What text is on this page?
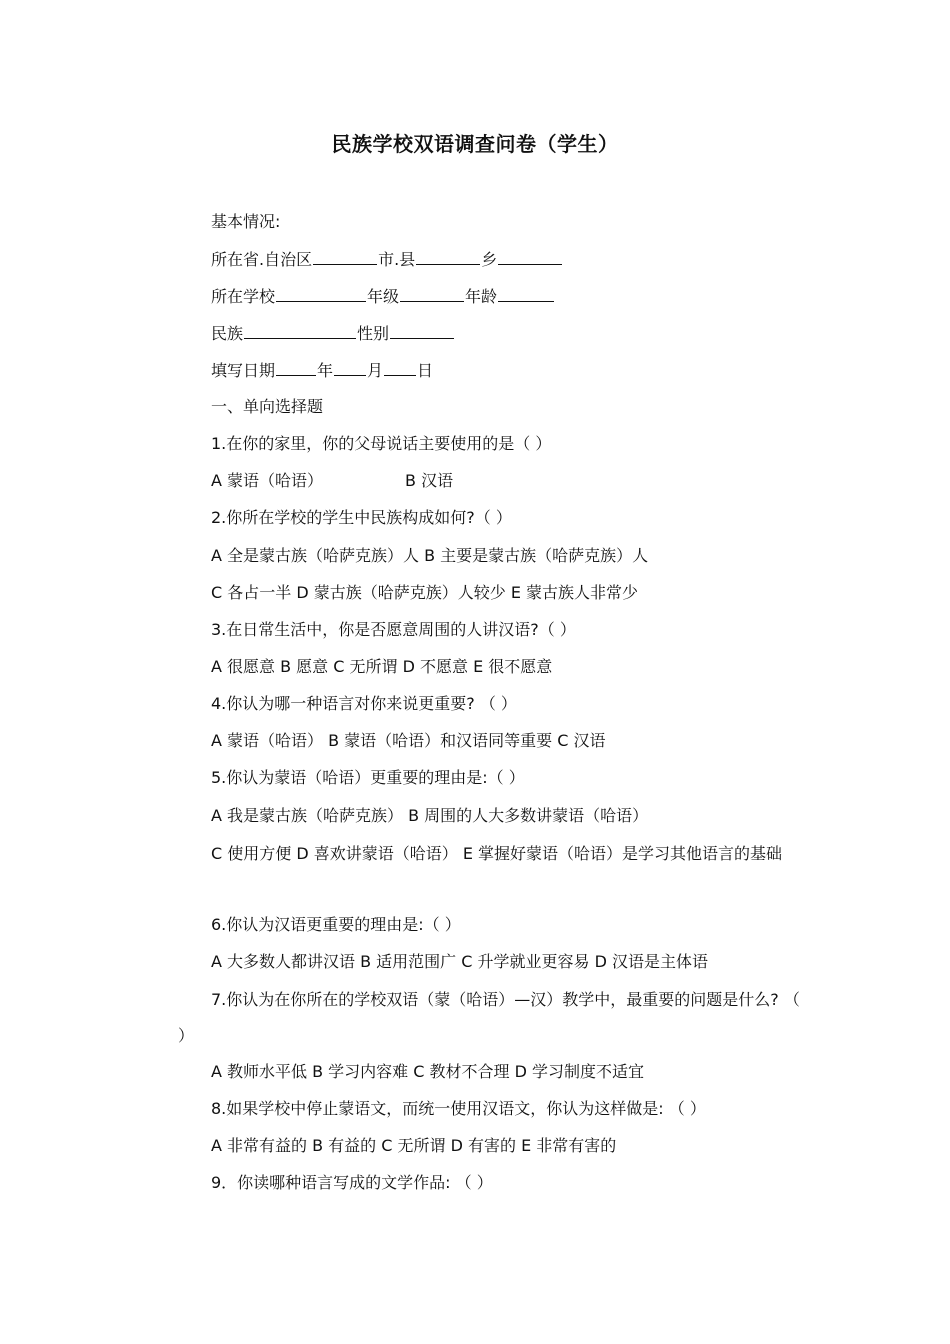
民族学校双语调查问卷（学生）
基本情况:
所在省.自治区	市.县	乡
所在学校	年级	年龄
民族	性别
填写日期	年 月 日
一、单向选择题
1.在你的家里，你的父母说话主要使用的是（ ）
A 蒙语（哈语）	B 汉语
2.你所在学校的学生中民族构成如何?（ ）
A 全是蒙古族（哈萨克族）人 B 主要是蒙古族（哈萨克族）人
C 各占一半 D 蒙古族（哈萨克族）人较少 E 蒙古族人非常少
3.在日常生活中，你是否愿意周围的人讲汉语?（ ）
A 很愿意 B 愿意 C 无所谓 D 不愿意 E 很不愿意
4.你认为哪一种语言对你来说更重要? （ ）
A 蒙语（哈语） B 蒙语（哈语）和汉语同等重要 C 汉语
5.你认为蒙语（哈语）更重要的理由是:（ ）
A 我是蒙古族（哈萨克族） B 周围的人大多数讲蒙语（哈语）
C 使用方便 D 喜欢讲蒙语（哈语） E 掌握好蒙语（哈语）是学习其他语言的基础
6.你认为汉语更重要的理由是:（ ）
A 大多数人都讲汉语 B 适用范围广 C 升学就业更容易 D 汉语是主体语
7.你认为在你所在的学校双语（蒙（哈语）—汉）教学中，最重要的问题是什么? （ ）
A 教师水平低 B 学习内容难 C 教材不合理 D 学习制度不适宜
8.如果学校中停止蒙语文，而统一使用汉语文，你认为这样做是: （ ）
A 非常有益的 B 有益的 C 无所谓 D 有害的 E 非常有害的
9．你读哪种语言写成的文学作品: （ ）
